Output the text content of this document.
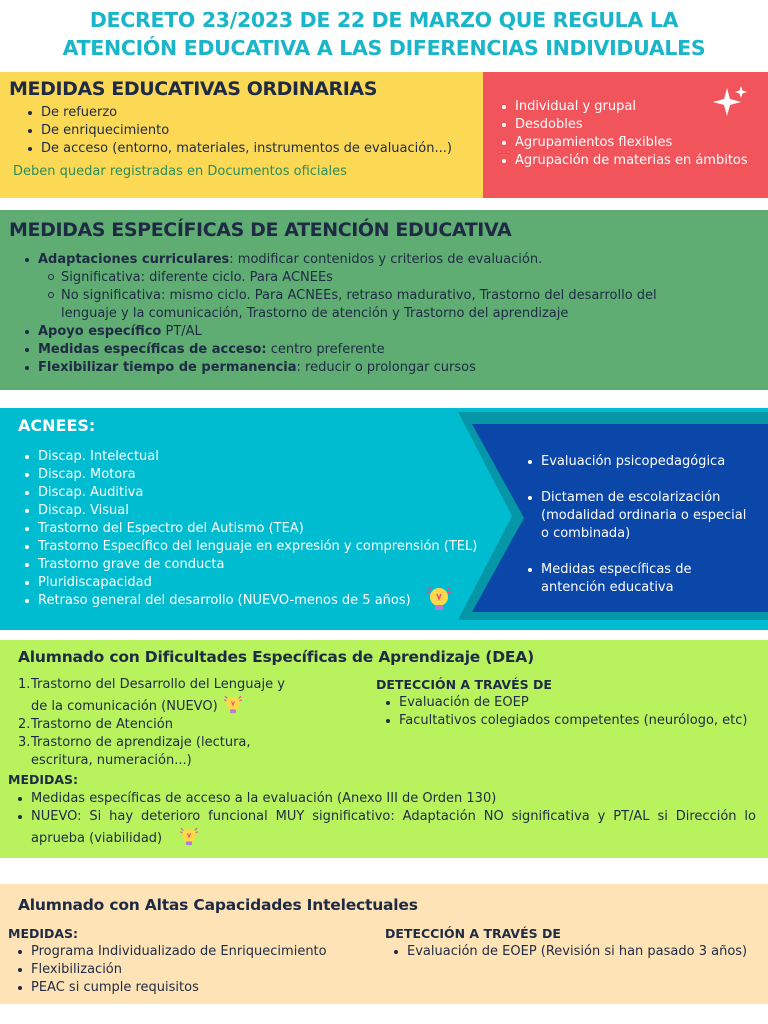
DECRETO 23/2023 DE 22 DE MARZO QUE REGULA LA
ATENCIÓN EDUCATIVA A LAS DIFERENCIAS INDIVIDUALES
MEDIDAS EDUCATIVAS ORDINARIAS
De refuerzo
De enriquecimiento
De acceso (entorno, materiales, instrumentos de evaluación...)
Deben quedar registradas en Documentos oficiales
Individual y grupal
Desdobles
Agrupamientos flexibles
Agrupación de materias en ámbitos
MEDIDAS ESPECÍFICAS DE ATENCIÓN EDUCATIVA
Adaptaciones curriculares: modificar contenidos y criterios de evaluación.
Significativa: diferente ciclo. Para ACNEEs
No significativa: mismo ciclo. Para ACNEEs, retraso madurativo, Trastorno del desarrollo del
lenguaje y la comunicación, Trastorno de atención y Trastorno del aprendizaje
Apoyo específico PT/AL
Medidas específicas de acceso: centro preferente
Flexibilizar tiempo de permanencia: reducir o prolongar cursos
ACNEES:
Discap. Intelectual
Discap. Motora
Discap. Auditiva
Discap. Visual
Trastorno del Espectro del Autismo (TEA)
Trastorno Específico del lenguaje en expresión y comprensión (TEL)
Trastorno grave de conducta
Pluridiscapacidad
Retraso general del desarrollo (NUEVO-menos de 5 años)
Evaluación psicopedagógica
Dictamen de escolarización
(modalidad ordinaria o especial
o combinada)
Medidas específicas de
antención educativa
Alumnado con Dificultades Específicas de Aprendizaje (DEA)
1.Trastorno del Desarrollo del Lenguaje y
de la comunicación (NUEVO)
2.Trastorno de Atención
3.Trastorno de aprendizaje (lectura,
escritura, numeración...)
DETECCIÓN A TRAVÉS DE
Evaluación de EOEP
Facultativos colegiados competentes (neurólogo, etc)
MEDIDAS:
Medidas específicas de acceso a la evaluación (Anexo III de Orden 130)
NUEVO: Si hay deterioro funcional MUY significativo: Adaptación NO significativa y PT/AL si Dirección lo
aprueba (viabilidad)
Alumnado con Altas Capacidades Intelectuales
MEDIDAS:
Programa Individualizado de Enriquecimiento
Flexibilización
PEAC si cumple requisitos
DETECCIÓN A TRAVÉS DE
Evaluación de EOEP (Revisión si han pasado 3 años)
